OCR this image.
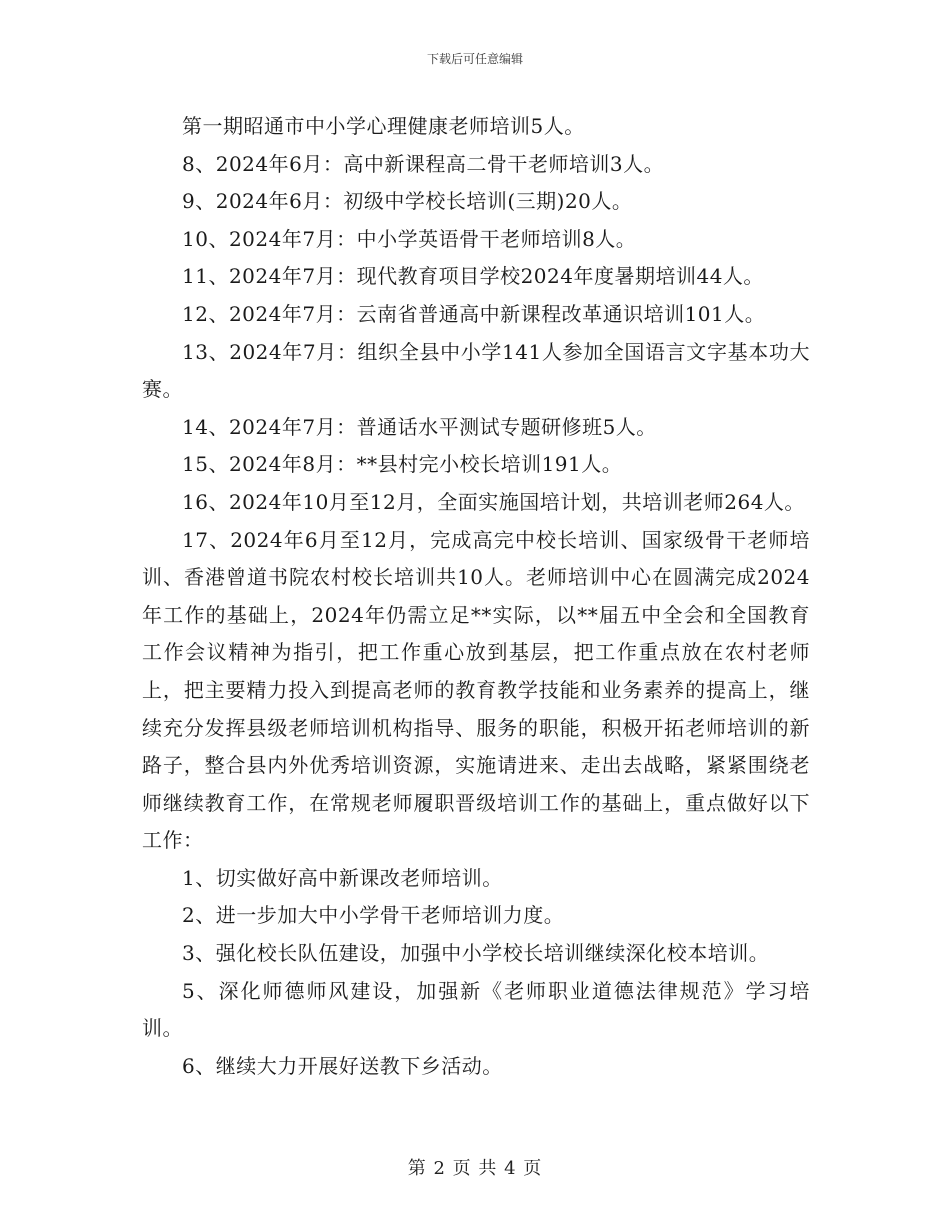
下载后可任意编辑

第一期昭通市中小学心理健康老师培训5人。

8、2024年6月：高中新课程高二骨干老师培训3人。

9、2024年6月：初级中学校长培训(三期)20人。

10、2024年7月：中小学英语骨干老师培训8人。

11、2024年7月：现代教育项目学校2024年度暑期培训44人。

12、2024年7月：云南省普通高中新课程改革通识培训101人。

13、2024年7月：组织全县中小学141人参加全国语言文字基本功大赛。

14、2024年7月：普通话水平测试专题研修班5人。

15、2024年8月：**县村完小校长培训191人。

16、2024年10月至12月，全面实施国培计划，共培训老师264人。

17、2024年6月至12月，完成高完中校长培训、国家级骨干老师培训、香港曾道书院农村校长培训共10人。老师培训中心在圆满完成2024年工作的基础上，2024年仍需立足**实际，以**届五中全会和全国教育工作会议精神为指引，把工作重心放到基层，把工作重点放在农村老师上，把主要精力投入到提高老师的教育教学技能和业务素养的提高上，继续充分发挥县级老师培训机构指导、服务的职能，积极开拓老师培训的新路子，整合县内外优秀培训资源，实施请进来、走出去战略，紧紧围绕老师继续教育工作，在常规老师履职晋级培训工作的基础上，重点做好以下工作：

1、切实做好高中新课改老师培训。

2、进一步加大中小学骨干老师培训力度。

3、强化校长队伍建设，加强中小学校长培训继续深化校本培训。

5、深化师德师风建设，加强新《老师职业道德法律规范》学习培训。

6、继续大力开展好送教下乡活动。

第 2 页 共 4 页
